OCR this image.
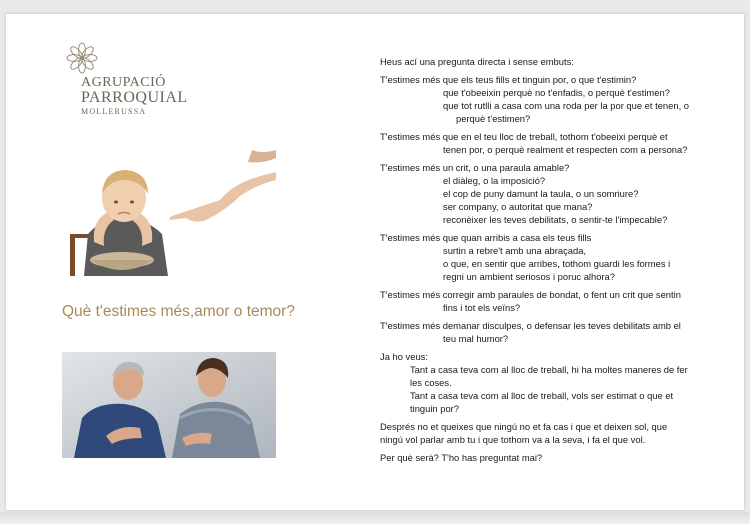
AGRUPACIÓ
PARROQUIAL
MOLLERUSSA
Què t'estimes més,amor o temor?

Heus ací una pregunta directa i sense embuts:

T'estimes més que els teus fills et tinguin por, o que t'estimin?

que t'obeeixin perquè no t'enfadis, o perquè t'estimen?

que tot rutlli a casa com una roda per la por que et tenen, o

perquè t'estimen?

T'estimes més que en el teu lloc de treball, tothom t'obeeixi perquè et

tenen por, o perquè realment et respecten com a persona?

T'estimes més un crit, o una paraula amable?

el diàleg, o la imposició?

el cop de puny damunt la taula, o un somriure?

ser company, o autoritat que mana?

reconèixer les teves debilitats, o sentir-te l'impecable?

T'estimes més que quan arribis a casa els teus fills

surtin a rebre't amb una abraçada,

o que, en sentir que arribes, tothom guardi les formes i

regni un ambient seriosos i poruc alhora?

T'estimes més corregir amb paraules de bondat, o fent un crit que sentin

fins i tot els veïns?

T'estimes més demanar disculpes, o defensar les teves debilitats amb el

teu mal humor?

Ja ho veus:

Tant a casa teva com al lloc de treball, hi ha moltes maneres de fer

les coses.

Tant a casa teva com al lloc de treball, vols ser estimat o que et

tinguin por?

Després no et queixes que ningú no et fa cas i que et deixen sol, que

ningú vol parlar amb tu i que tothom va a la seva, i fa el que vol.

Per què serà? T'ho has preguntat mai?
